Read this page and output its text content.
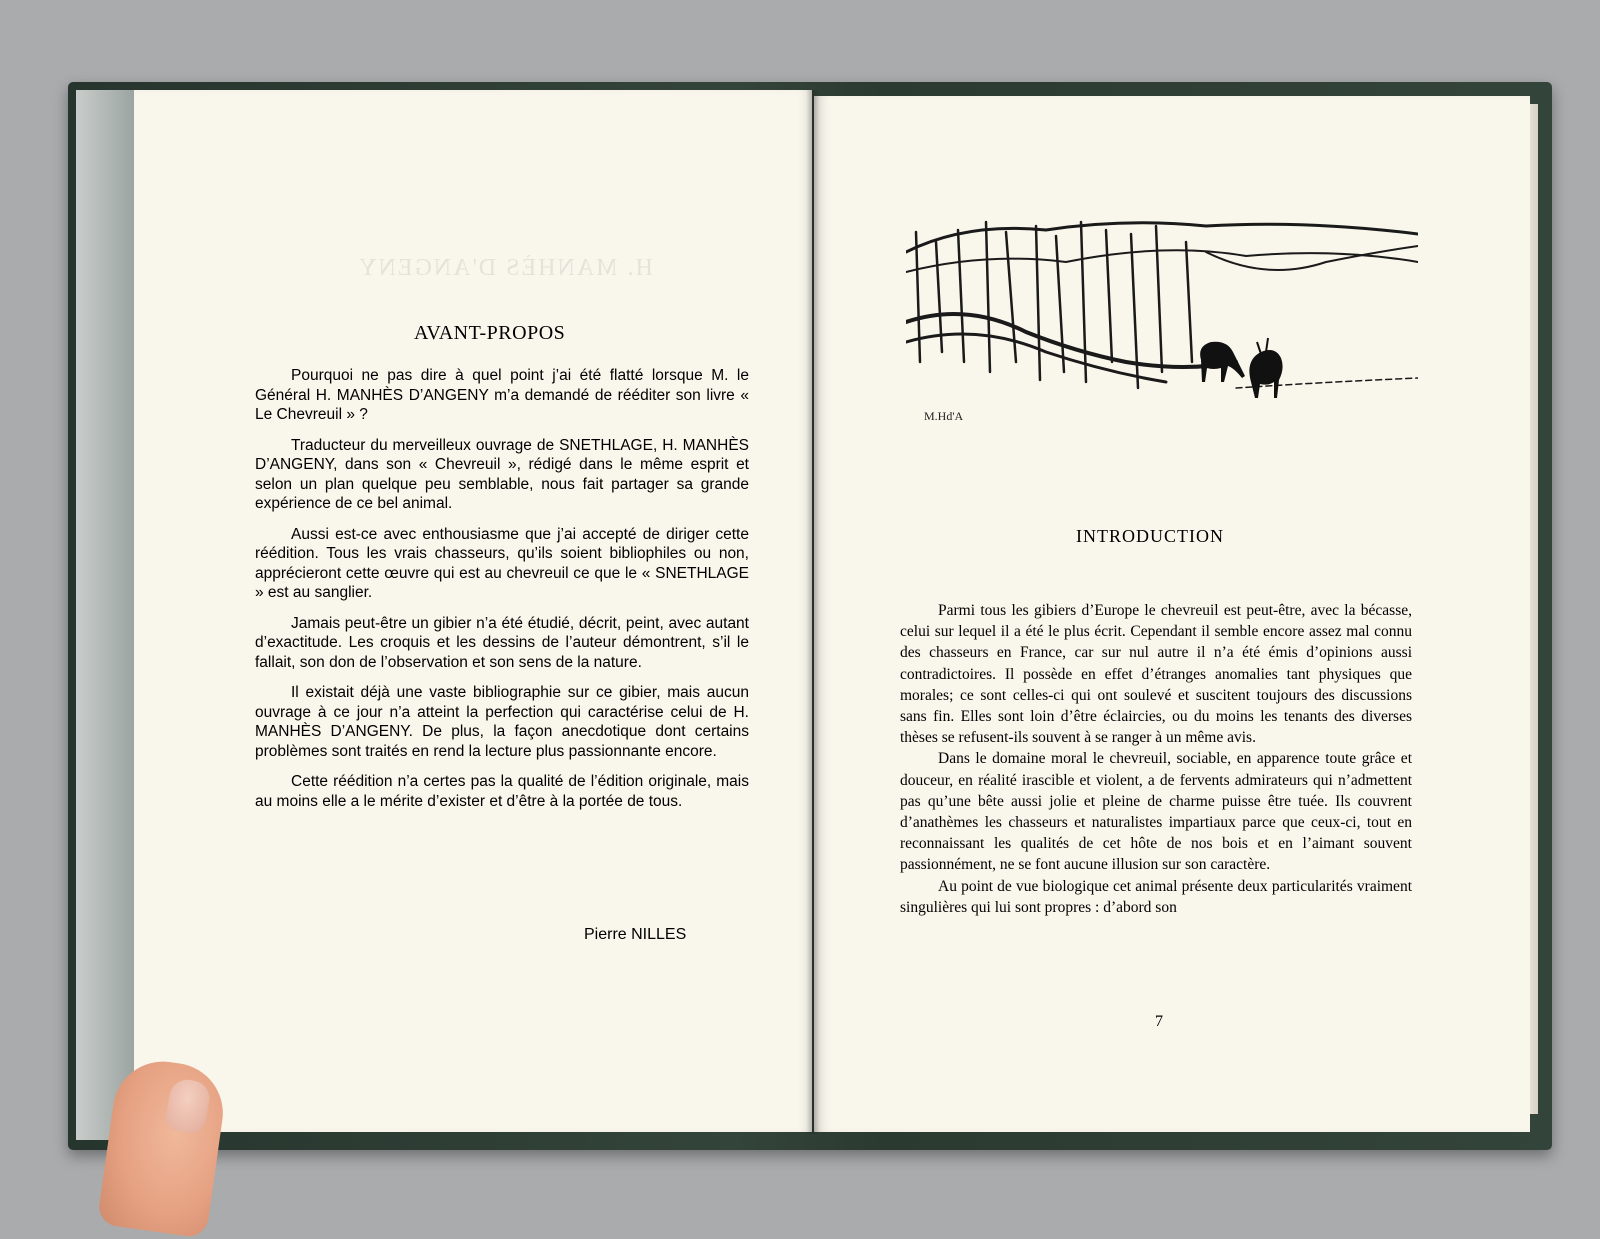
H. MANHÈS D'ANGENY
AVANT-PROPOS

Pourquoi ne pas dire à quel point j’ai été flatté lorsque M. le Général H. MANHÈS D’ANGENY m’a demandé de rééditer son livre « Le Chevreuil » ?

Traducteur du merveilleux ouvrage de SNETHLAGE, H. MANHÈS D’ANGENY, dans son « Chevreuil », rédigé dans le même esprit et selon un plan quelque peu semblable, nous fait partager sa grande expérience de ce bel animal.

Aussi est-ce avec enthousiasme que j’ai accepté de diriger cette réédition. Tous les vrais chasseurs, qu’ils soient bibliophiles ou non, apprécieront cette œuvre qui est au chevreuil ce que le « SNETHLAGE » est au sanglier.

Jamais peut-être un gibier n’a été étudié, décrit, peint, avec autant d’exactitude. Les croquis et les dessins de l’auteur démontrent, s’il le fallait, son don de l’observation et son sens de la nature.

Il existait déjà une vaste bibliographie sur ce gibier, mais aucun ouvrage à ce jour n’a atteint la perfection qui caractérise celui de H. MANHÈS D’ANGENY. De plus, la façon anecdotique dont certains problèmes sont traités en rend la lecture plus passionnante encore.

Cette réédition n’a certes pas la qualité de l’édition originale, mais au moins elle a le mérite d’exister et d’être à la portée de tous.

Pierre NILLES
M.Hd'A
INTRODUCTION

Parmi tous les gibiers d’Europe le chevreuil est peut-être, avec la bécasse, celui sur lequel il a été le plus écrit. Cependant il semble encore assez mal connu des chasseurs en France, car sur nul autre il n’a été émis d’opinions aussi contradictoires. Il possède en effet d’étranges anomalies tant physiques que morales; ce sont celles-ci qui ont soulevé et suscitent toujours des discussions sans fin. Elles sont loin d’être éclaircies, ou du moins les tenants des diverses thèses se refusent-ils souvent à se ranger à un même avis.

Dans le domaine moral le chevreuil, sociable, en apparence toute grâce et douceur, en réalité irascible et violent, a de fervents admirateurs qui n’admettent pas qu’une bête aussi jolie et pleine de charme puisse être tuée. Ils couvrent d’anathèmes les chasseurs et naturalistes impartiaux parce que ceux-ci, tout en reconnaissant les qualités de cet hôte de nos bois et en l’aimant souvent passionnément, ne se font aucune illusion sur son caractère.

Au point de vue biologique cet animal présente deux particularités vraiment singulières qui lui sont propres : d’abord son

7
